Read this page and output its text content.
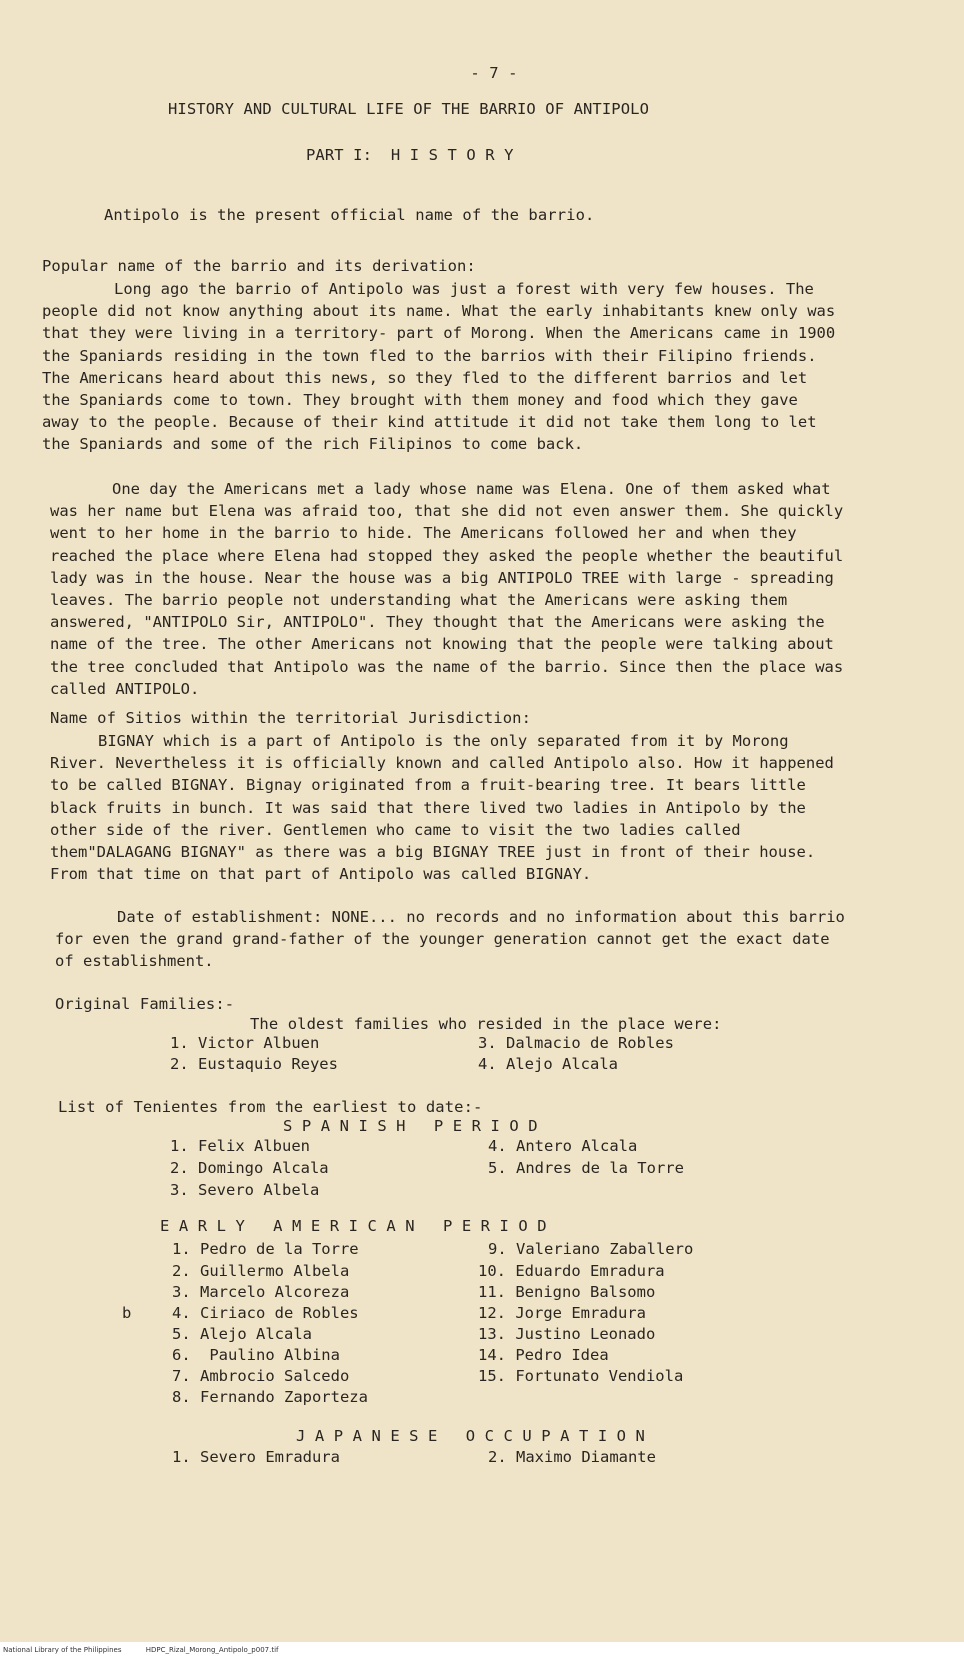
- 7 -
HISTORY AND CULTURAL LIFE OF THE BARRIO OF ANTIPOLO
PART I:  H I S T O R Y
Antipolo is the present official name of the barrio.
Popular name of the barrio and its derivation:
Long ago the barrio of Antipolo was just a forest with very few houses. The people did not know anything about its name. What the early inhabitants knew only was that they were living in a territory- part of Morong. When the Americans came in 1900 the Spaniards residing in the town fled to the barrios with their Filipino friends. The Americans heard about this news, so they fled to the different barrios and let the Spaniards come to town. They brought with them money and food which they gave away to the people. Because of their kind attitude it did not take them long to let the Spaniards and some of the rich Filipinos to come back.
One day the Americans met a lady whose name was Elena. One of them asked what was her name but Elena was afraid too, that she did not even answer them. She quickly went to her home in the barrio to hide. The Americans followed her and when they reached the place where Elena had stopped they asked the people whether the beautiful lady was in the house. Near the house was a big ANTIPOLO TREE with large - spreading leaves. The barrio people not understanding what the Americans were asking them answered, "ANTIPOLO Sir, ANTIPOLO". They thought that the Americans were asking the name of the tree. The other Americans not knowing that the people were talking about the tree concluded that Antipolo was the name of the barrio. Since then the place was called ANTIPOLO.
Name of Sitios within the territorial Jurisdiction:
BIGNAY which is a part of Antipolo is the only separated from it by Morong River. Nevertheless it is officially known and called Antipolo also. How it happened to be called BIGNAY. Bignay originated from a fruit-bearing tree. It bears little black fruits in bunch. It was said that there lived two ladies in Antipolo by the other side of the river. Gentlemen who came to visit the two ladies called them"DALAGANG BIGNAY" as there was a big BIGNAY TREE just in front of their house. From that time on that part of Antipolo was called BIGNAY.
Date of establishment: NONE... no records and no information about this barrio for even the grand grand-father of the younger generation cannot get the exact date of establishment.
Original Families:-
The oldest families who resided in the place were:
1. Victor Albuen
2. Eustaquio Reyes
3. Dalmacio de Robles
4. Alejo Alcala
List of Tenientes from the earliest to date:-
S P A N I S H   P E R I O D
1. Felix Albuen
2. Domingo Alcala
3. Severo Albela
4. Antero Alcala
5. Andres de la Torre
E A R L Y   A M E R I C A N   P E R I O D
1. Pedro de la Torre
2. Guillermo Albela
3. Marcelo Alcoreza
4. Ciriaco de Robles
5. Alejo Alcala
6.  Paulino Albina
7. Ambrocio Salcedo
8. Fernando Zaporteza
9. Valeriano Zaballero
10. Eduardo Emradura
11. Benigno Balsomo
12. Jorge Emradura
13. Justino Leonado
14. Pedro Idea
15. Fortunato Vendiola
b
J A P A N E S E   O C C U P A T I O N
1. Severo Emradura	2. Maximo Diamante
National Library of the Philippines	HDPC_Rizal_Morong_Antipolo_p007.tif
